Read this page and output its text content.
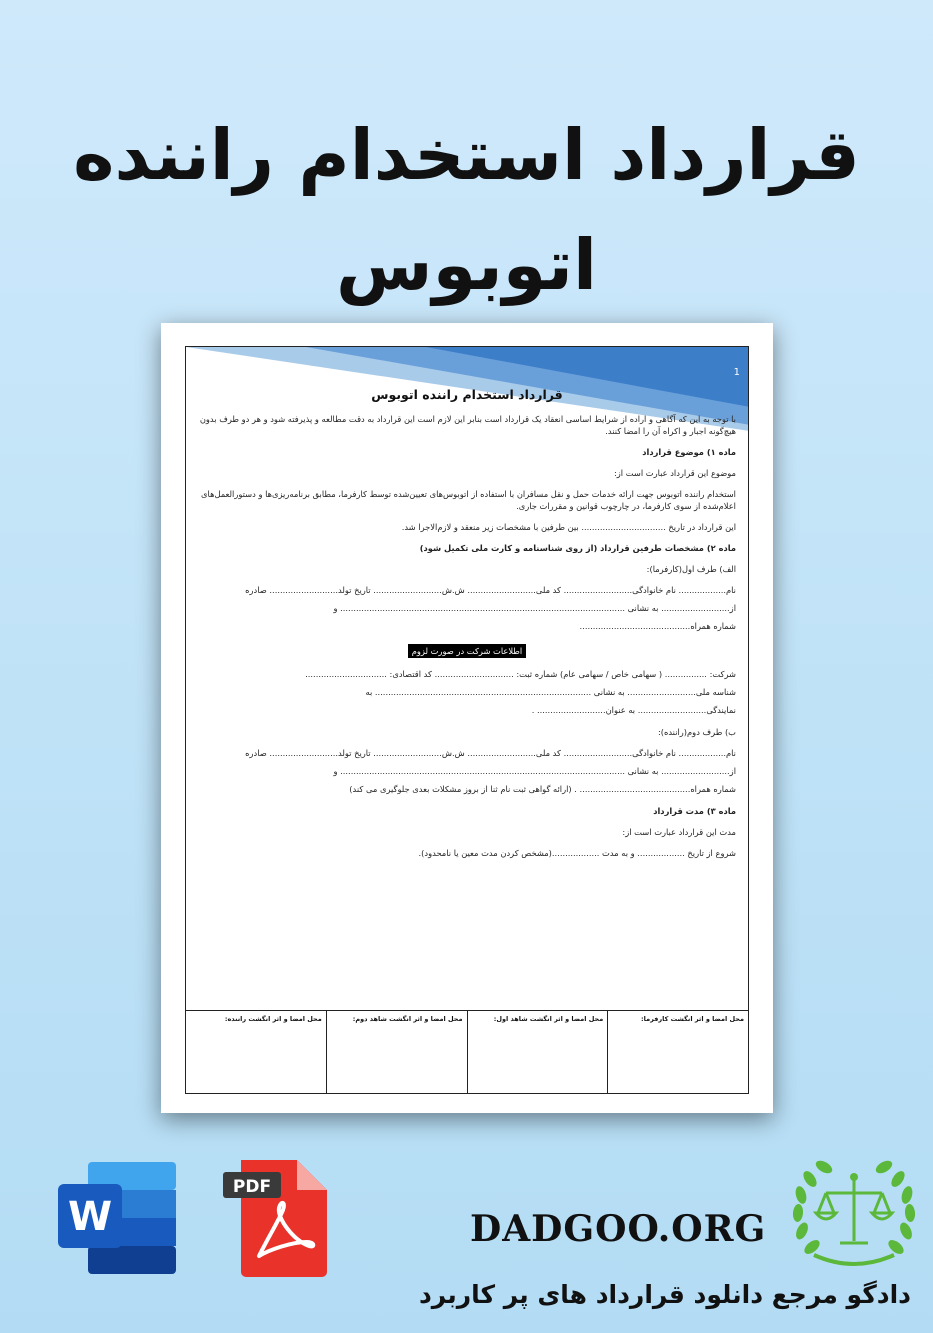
قرارداد استخدام راننده اتوبوس
1
قرارداد استخدام راننده اتوبوس
با توجه به این که آگاهی و اراده از شرایط اساسی انعقاد یک قرارداد است بنابر این لازم است این قرارداد به دقت مطالعه و پذیرفته شود و هر دو طرف بدون هیچ‌گونه اجبار و اکراه آن را امضا کنند.
ماده ۱) موضوع قرارداد
موضوع این قرارداد عبارت است از:
استخدام راننده اتوبوس جهت ارائه خدمات حمل و نقل مسافران با استفاده از اتوبوس‌های تعیین‌شده توسط کارفرما، مطابق برنامه‌ریزی‌ها و دستورالعمل‌های اعلام‌شده از سوی کارفرما، در چارچوب قوانین و مقررات جاری.
این قرارداد در تاریخ ................................ بین طرفین با مشخصات زیر منعقد و لازم‌الاجرا شد.
ماده ۲) مشخصات طرفین قرارداد (از روی شناسنامه و کارت ملی تکمیل شود)
الف) طرف اول(کارفرما):
نام.................. نام خانوادگی.......................... کد ملی.......................... ش.ش.......................... تاریخ تولد.......................... صادره
از.......................... به نشانی ............................................................................................................ و
شماره همراه..........................................
اطلاعات شرکت در صورت لزوم
شرکت: ................ ( سهامی خاص / سهامی عام) شماره ثبت: .............................. کد اقتصادی: ...............................
شناسه ملی.......................... به نشانی .................................................................................. به
نمایندگی.......................... به عنوان.......................... .
ب) طرف دوم(راننده):
نام.................. نام خانوادگی.......................... کد ملی.......................... ش.ش.......................... تاریخ تولد.......................... صادره
از.......................... به نشانی ............................................................................................................ و
شماره همراه.......................................... . (ارائه گواهی ثبت نام ثنا از بروز مشکلات بعدی جلوگیری می کند)
ماده ۳) مدت قرارداد
مدت این قرارداد عبارت است از:
شروع از تاریخ .................. و به مدت ..................(مشخص کردن مدت معین یا نامحدود).
محل امضا و اثر انگشت کارفرما:
محل امضا و اثر انگشت شاهد اول:
محل امضا و اثر انگشت شاهد دوم:
محل امضا و اثر انگشت راننده:
W
PDF
DADGOO.ORG
دادگو مرجع دانلود قرارداد های پر کاربرد
